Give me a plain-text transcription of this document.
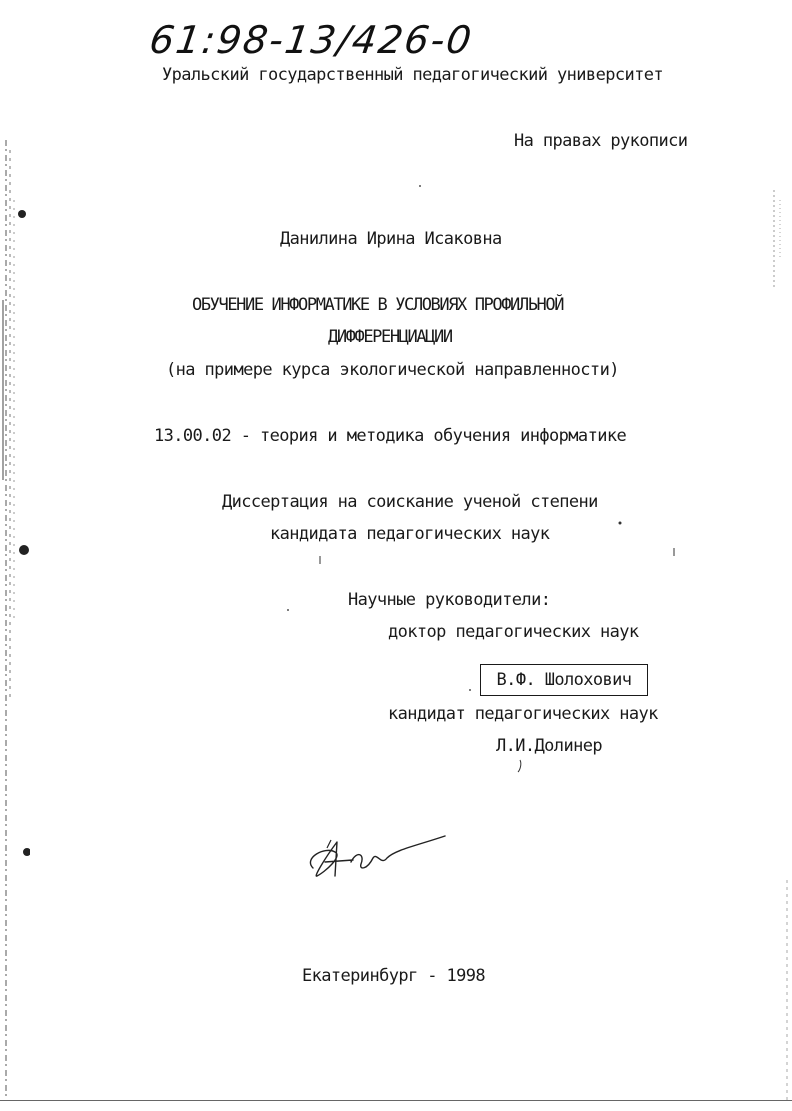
61:98-13/426-0
Уральский государственный педагогический университет
На правах рукописи
Данилина Ирина Исаковна
ОБУЧЕНИЕ ИНФОРМАТИКЕ В УСЛОВИЯХ ПРОФИЛЬНОЙ
ДИФФЕРЕНЦИАЦИИ
(на примере курса экологической направленности)
13.00.02 - теория и методика обучения информатике
Диссертация на соискание ученой степени
кандидата педагогических наук
Научные руководители:
доктор педагогических наук
В.Ф. Шолохович
кандидат педагогических наук
Л.И.Долинер
Екатеринбург - 1998
